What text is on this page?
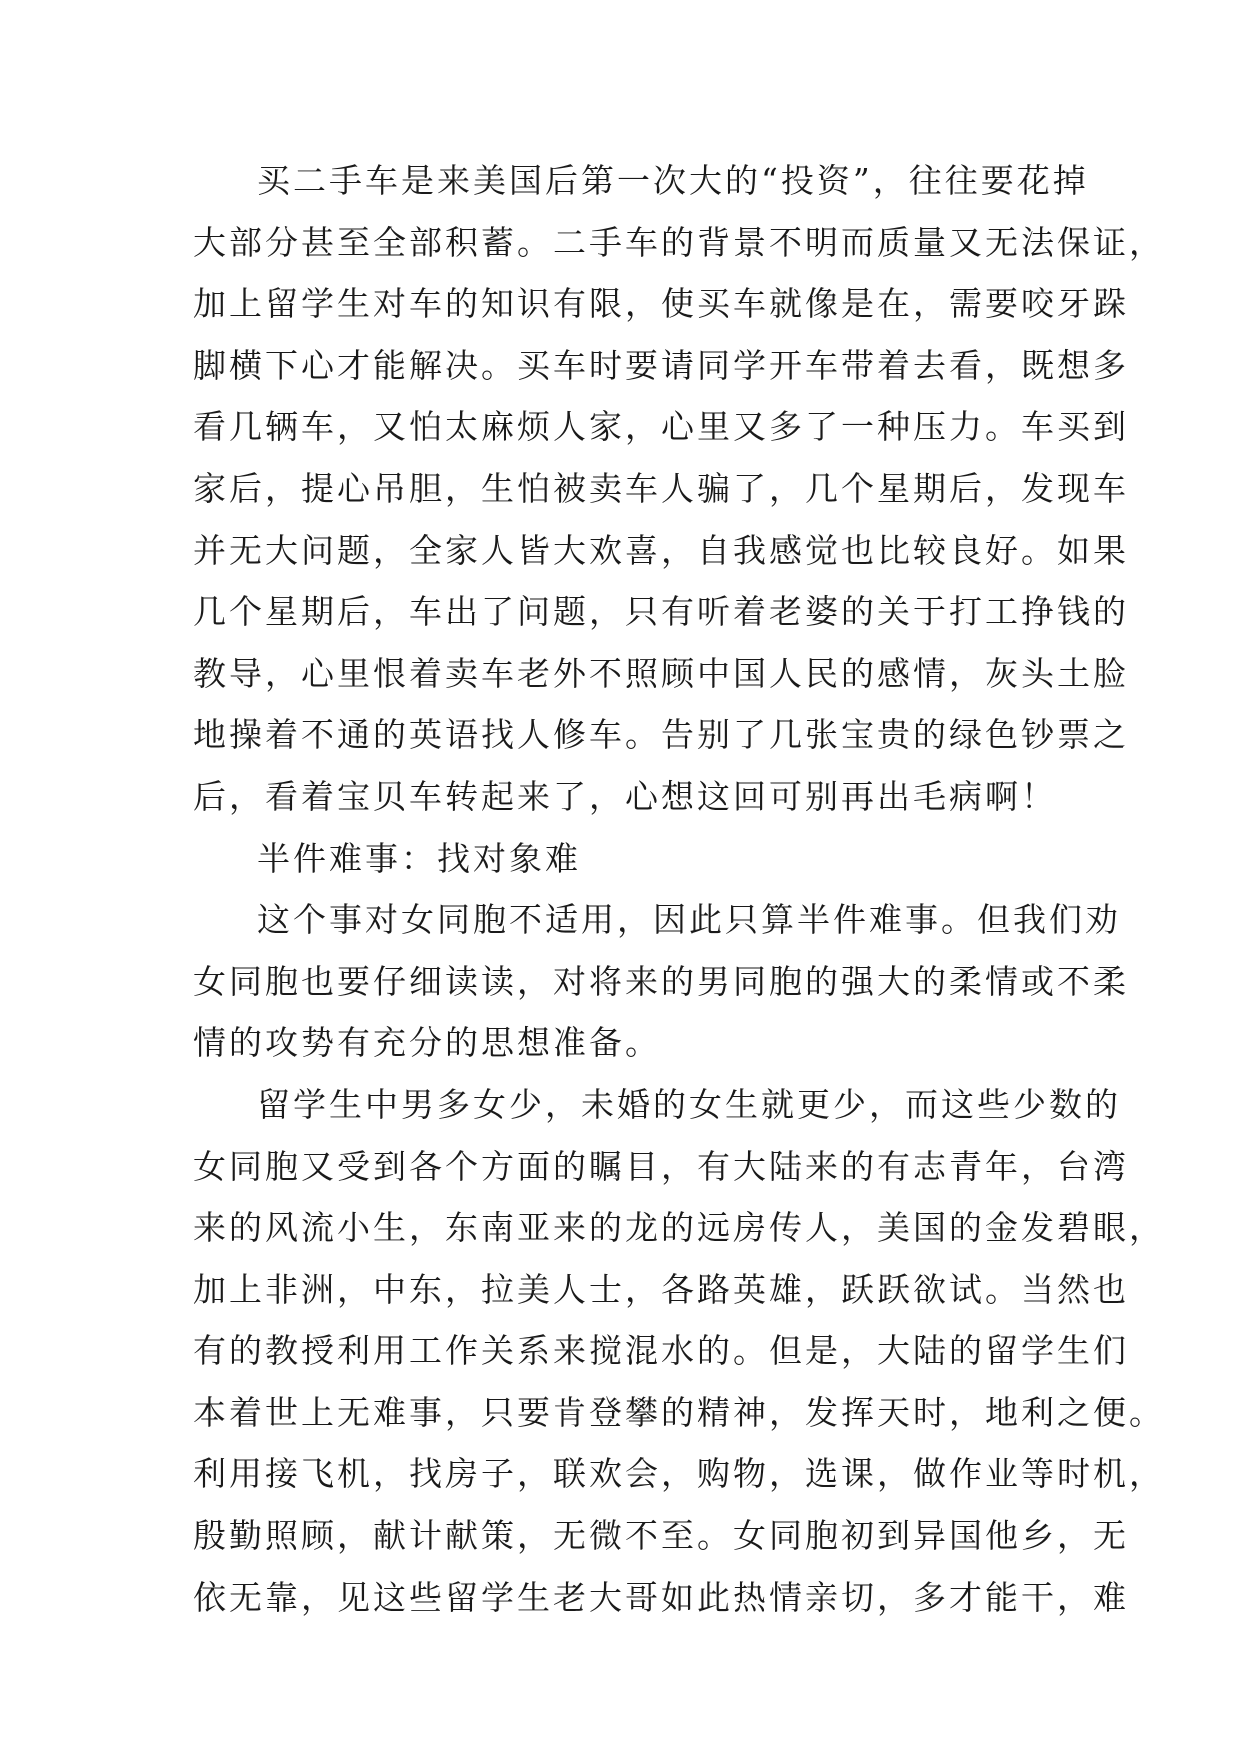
买二手车是来美国后第一次大的“投资”，往往要花掉
大部分甚至全部积蓄。二手车的背景不明而质量又无法保证，
加上留学生对车的知识有限，使买车就像是在，需要咬牙跺
脚横下心才能解决。买车时要请同学开车带着去看，既想多
看几辆车，又怕太麻烦人家，心里又多了一种压力。车买到
家后，提心吊胆，生怕被卖车人骗了，几个星期后，发现车
并无大问题，全家人皆大欢喜，自我感觉也比较良好。如果
几个星期后，车出了问题，只有听着老婆的关于打工挣钱的
教导，心里恨着卖车老外不照顾中国人民的感情，灰头土脸
地操着不通的英语找人修车。告别了几张宝贵的绿色钞票之
后，看着宝贝车转起来了，心想这回可别再出毛病啊！
半件难事：找对象难
这个事对女同胞不适用，因此只算半件难事。但我们劝
女同胞也要仔细读读，对将来的男同胞的强大的柔情或不柔
情的攻势有充分的思想准备。
留学生中男多女少，未婚的女生就更少，而这些少数的
女同胞又受到各个方面的瞩目，有大陆来的有志青年，台湾
来的风流小生，东南亚来的龙的远房传人，美国的金发碧眼，
加上非洲，中东，拉美人士，各路英雄，跃跃欲试。当然也
有的教授利用工作关系来搅混水的。但是，大陆的留学生们
本着世上无难事，只要肯登攀的精神，发挥天时，地利之便。
利用接飞机，找房子，联欢会，购物，选课，做作业等时机，
殷勤照顾，献计献策，无微不至。女同胞初到异国他乡，无
依无靠，见这些留学生老大哥如此热情亲切，多才能干，难
